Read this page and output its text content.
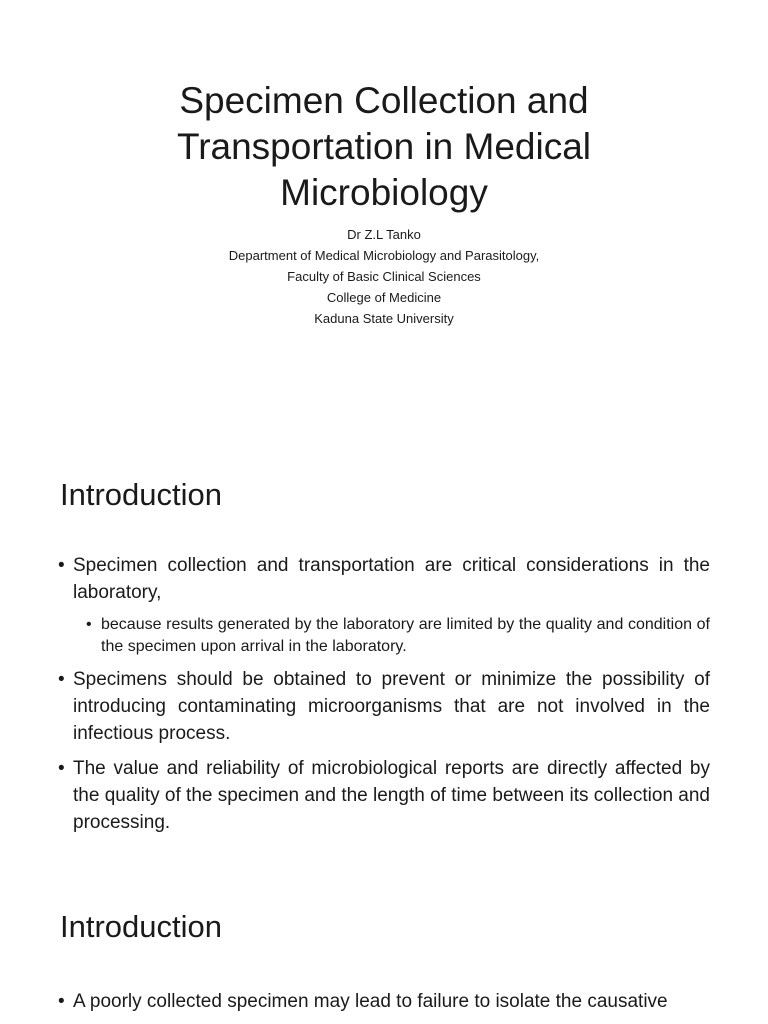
Specimen Collection and
Transportation in Medical
Microbiology
Dr Z.L Tanko
Department of Medical Microbiology and Parasitology,
Faculty of Basic Clinical Sciences
College of Medicine
Kaduna State University
Introduction
• Specimen collection and transportation are critical considerations in the laboratory,
• because results generated by the laboratory are limited by the quality and condition of the specimen upon arrival in the laboratory.
• Specimens should be obtained to prevent or minimize the possibility of introducing contaminating microorganisms that are not involved in the infectious process.
• The value and reliability of microbiological reports are directly affected by the quality of the specimen and the length of time between its collection and processing.
Introduction
• A poorly collected specimen may lead to failure to isolate the causative
